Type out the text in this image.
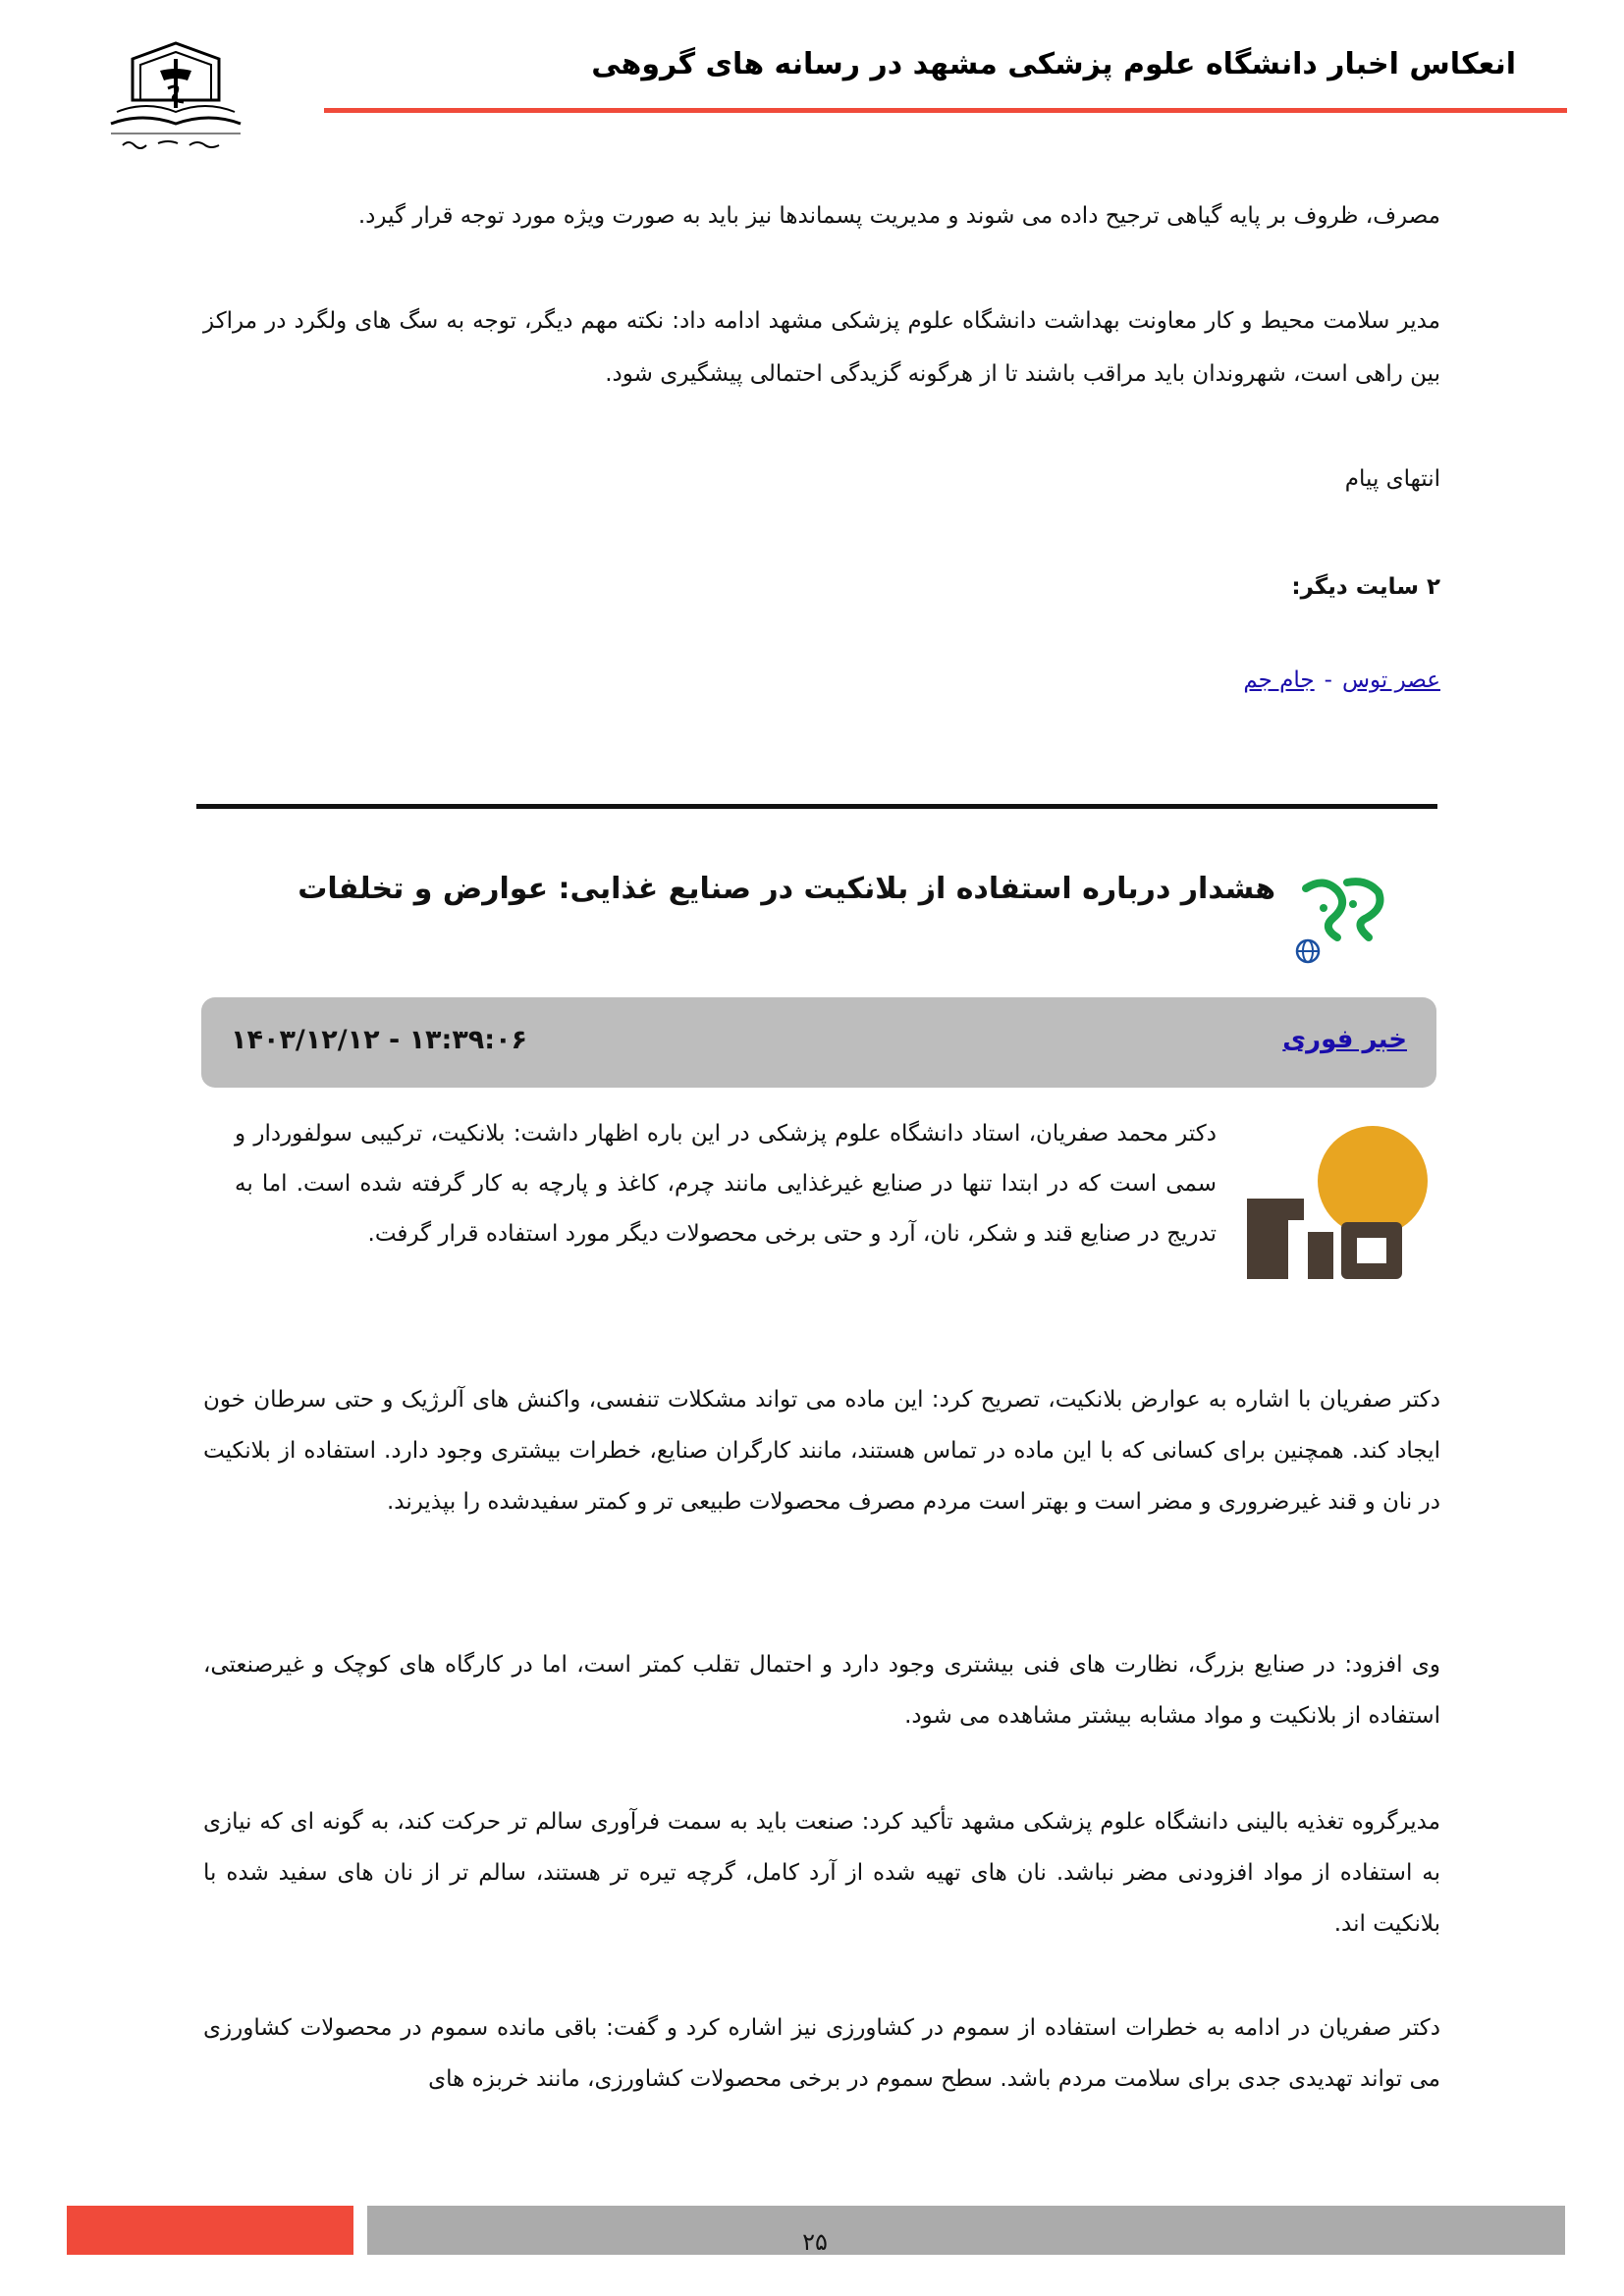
انعکاس اخبار دانشگاه علوم پزشکی مشهد در رسانه های گروهی
مصرف، ظروف بر پایه گیاهی ترجیح داده می شوند و مدیریت پسماندها نیز باید به صورت ویژه مورد توجه قرار گیرد.
مدیر سلامت محیط و کار معاونت بهداشت دانشگاه علوم پزشکی مشهد ادامه داد: نکته مهم دیگر، توجه به سگ های ولگرد در مراکز بین راهی است، شهروندان باید مراقب باشند تا از هرگونه گزیدگی احتمالی پیشگیری شود.
انتهای پیام
۲ سایت دیگر:
عصر توس-جام جم
هشدار درباره استفاده از بلانکیت در صنایع غذایی: عوارض و تخلفات
خبر فوری
۱۴۰۳/۱۲/۱۲ - ۱۳:۳۹:۰۶
دکتر محمد صفریان، استاد دانشگاه علوم پزشکی در این باره اظهار داشت: بلانکیت، ترکیبی سولفوردار و سمی است که در ابتدا تنها در صنایع غیرغذایی مانند چرم، کاغذ و پارچه به کار گرفته شده است. اما به تدریج در صنایع قند و شکر، نان، آرد و حتی برخی محصولات دیگر مورد استفاده قرار گرفت.
دکتر صفریان با اشاره به عوارض بلانکیت، تصریح کرد: این ماده می تواند مشکلات تنفسی، واکنش های آلرژیک و حتی سرطان خون ایجاد کند. همچنین برای کسانی که با این ماده در تماس هستند، مانند کارگران صنایع، خطرات بیشتری وجود دارد. استفاده از بلانکیت در نان و قند غیرضروری و مضر است و بهتر است مردم مصرف محصولات طبیعی تر و کمتر سفیدشده را بپذیرند.
وی افزود: در صنایع بزرگ، نظارت های فنی بیشتری وجود دارد و احتمال تقلب کمتر است، اما در کارگاه های کوچک و غیرصنعتی، استفاده از بلانکیت و مواد مشابه بیشتر مشاهده می شود.
مدیرگروه تغذیه بالینی دانشگاه علوم پزشکی مشهد تأکید کرد: صنعت باید به سمت فرآوری سالم تر حرکت کند، به گونه ای که نیازی به استفاده از مواد افزودنی مضر نباشد. نان های تهیه شده از آرد کامل، گرچه تیره تر هستند، سالم تر از نان های سفید شده با بلانکیت اند.
دکتر صفریان در ادامه به خطرات استفاده از سموم در کشاورزی نیز اشاره کرد و گفت: باقی مانده سموم در محصولات کشاورزی می تواند تهدیدی جدی برای سلامت مردم باشد. سطح سموم در برخی محصولات کشاورزی، مانند خربزه های
۲۵
